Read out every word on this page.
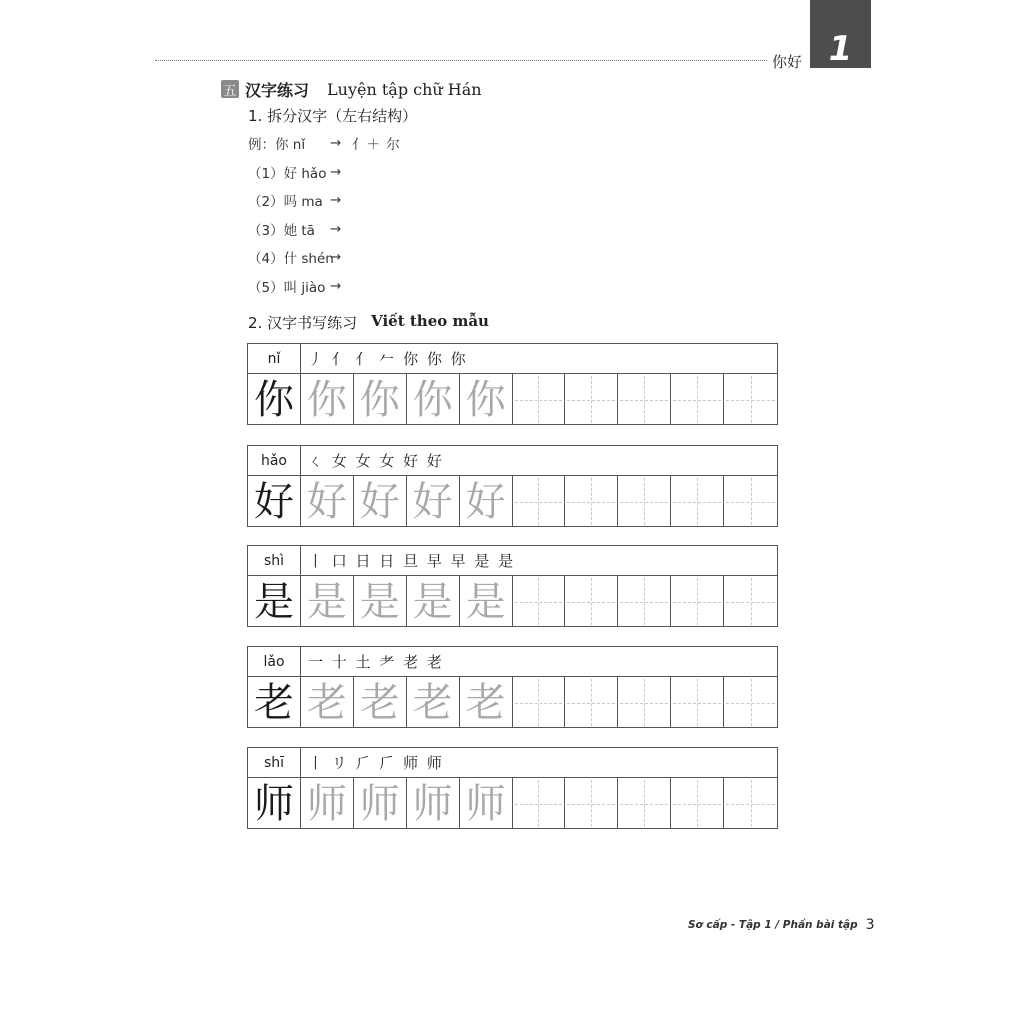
你好 1
五 汉字练习 Luyện tập chữ Hán
1. 拆分汉字（左右结构）
例：你 nǐ	→ 亻＋ 尔
（1）好 hǎo →
（2）吗 ma →
（3）她 tā	→
（4）什 shén
→
（5）叫 jiào →
2. 汉字书写练习 Viết theo mẫu
nǐ	丿 亻 亻 𠂉 你 你 你
你 你 你 你 你
hǎo	ㄑ 女 女 女 好 好
好 好 好 好 好
shì	丨 口 日 日 旦 早 早 是 是
是 是 是 是 是
lǎo	一 十 土 耂 老 老
老 老 老 老 老
shī	丨 リ ⺁ 𠂆 师 师
师 师 师 师 师
Sơ cấp - Tập 1 / Phần bài tập 3
